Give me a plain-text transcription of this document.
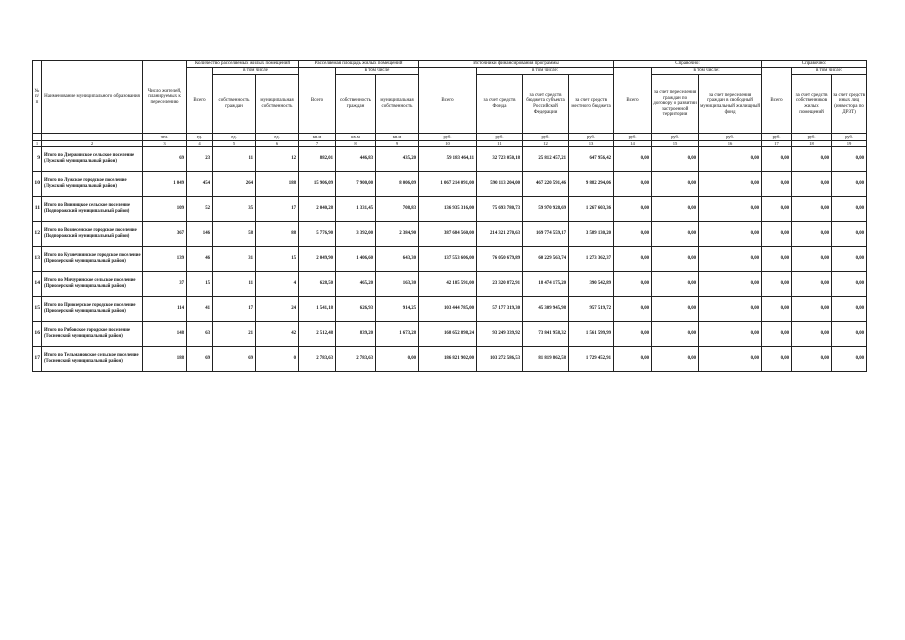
№ п/п	Наименование муниципального образования	Число жителей, планируемых к переселению	Количество расселяемых жилых помещений			Расселяемая площадь жилых помещений			Источники финансирования программы				Справочно:			Справочно:		
			Всего	в том числе		Всего	в том числе		Всего	в том числе:			Всего	в том числе:		Всего	в том числе:	
				собственность граждан	муниципальная собственность		собственность граждан	муниципальная собственность		за счет средств Фонда	за счет средств бюджета субъекта Российской Федерации	за счет средств местного бюджета		за счет переселения граждан по договору о развитии застроенной территории	за счет переселения граждан в свободный муниципальный жилищный фонд		за счет средств собственников жилых помещений	за счет средств иных лиц (инвестора по ДРЗТ)
		чел.	ед.	ед.	ед.	кв.м	кв.м	кв.м	руб.	руб.	руб.	руб.	руб.	руб.	руб.	руб.	руб.	руб.
1	2	3	4	5	6	7	8	9	10	11	12	13	14	15	16	17	18	19
9	Итого по Дзержинское сельское поселение (Лужский муниципальный район)	69	23	11	12	882,01	446,83	435,20	59 183 464,11	32 723 050,18	25 812 457,21	647 956,42	0,00	0,00	0,00	0,00	0,00	0,00
10	Итого по Лужское городское поселение (Лужский муниципальный район)	1 049	454	264	188	15 906,09	7 900,00	8 006,09	1 067 214 091,00	590 113 204,00	467 220 591,46	9 882 294,06	0,00	0,00	0,00	0,00	0,00	0,00
11	Итого по Винницкое сельское поселение (Подпорожский муниципальный район)	109	52	35	17	2 040,28	1 331,45	708,83	136 935 316,00	75 693 780,73	59 970 928,69	1 267 603,36	0,00	0,00	0,00	0,00	0,00	0,00
12	Итого по Вознесенское городское поселение (Подпорожский муниципальный район)	367	146	58	88	5 776,90	3 392,00	2 384,90	387 684 560,00	214 321 270,63	169 774 559,17	3 589 130,20	0,00	0,00	0,00	0,00	0,00	0,00
13	Итого по Кузнечнинское городское поселение (Приозерский муниципальный район)	139	46	31	15	2 049,90	1 406,60	643,30	137 553 606,00	76 050 679,89	60 229 563,74	1 273 362,37	0,00	0,00	0,00	0,00	0,00	0,00
14	Итого по Мичуринское сельское поселение (Приозерский муниципальный район)	37	15	11	4	628,50	465,20	163,30	42 185 591,00	23 320 872,91	18 474 175,20	390 542,89	0,00	0,00	0,00	0,00	0,00	0,00
15	Итого по Приозерское городское поселение (Приозерский муниципальный район)	114	41	17	24	1 541,18	626,93	914,25	103 444 785,00	57 177 319,30	45 309 945,98	957 519,72	0,00	0,00	0,00	0,00	0,00	0,00
16	Итого по Рябовское городское поселение (Тосненский муниципальный район)	148	63	21	42	2 512,48	839,20	1 673,28	168 652 898,24	93 249 339,92	73 841 958,32	1 561 599,99	0,00	0,00	0,00	0,00	0,00	0,00
17	Итого по Тельмановское сельское поселение (Тосненский муниципальный район)	188	69	69	0	2 783,63	2 783,63	0,00	186 821 902,00	103 272 586,53	81 819 862,58	1 729 452,91	0,00	0,00	0,00	0,00	0,00	0,00
